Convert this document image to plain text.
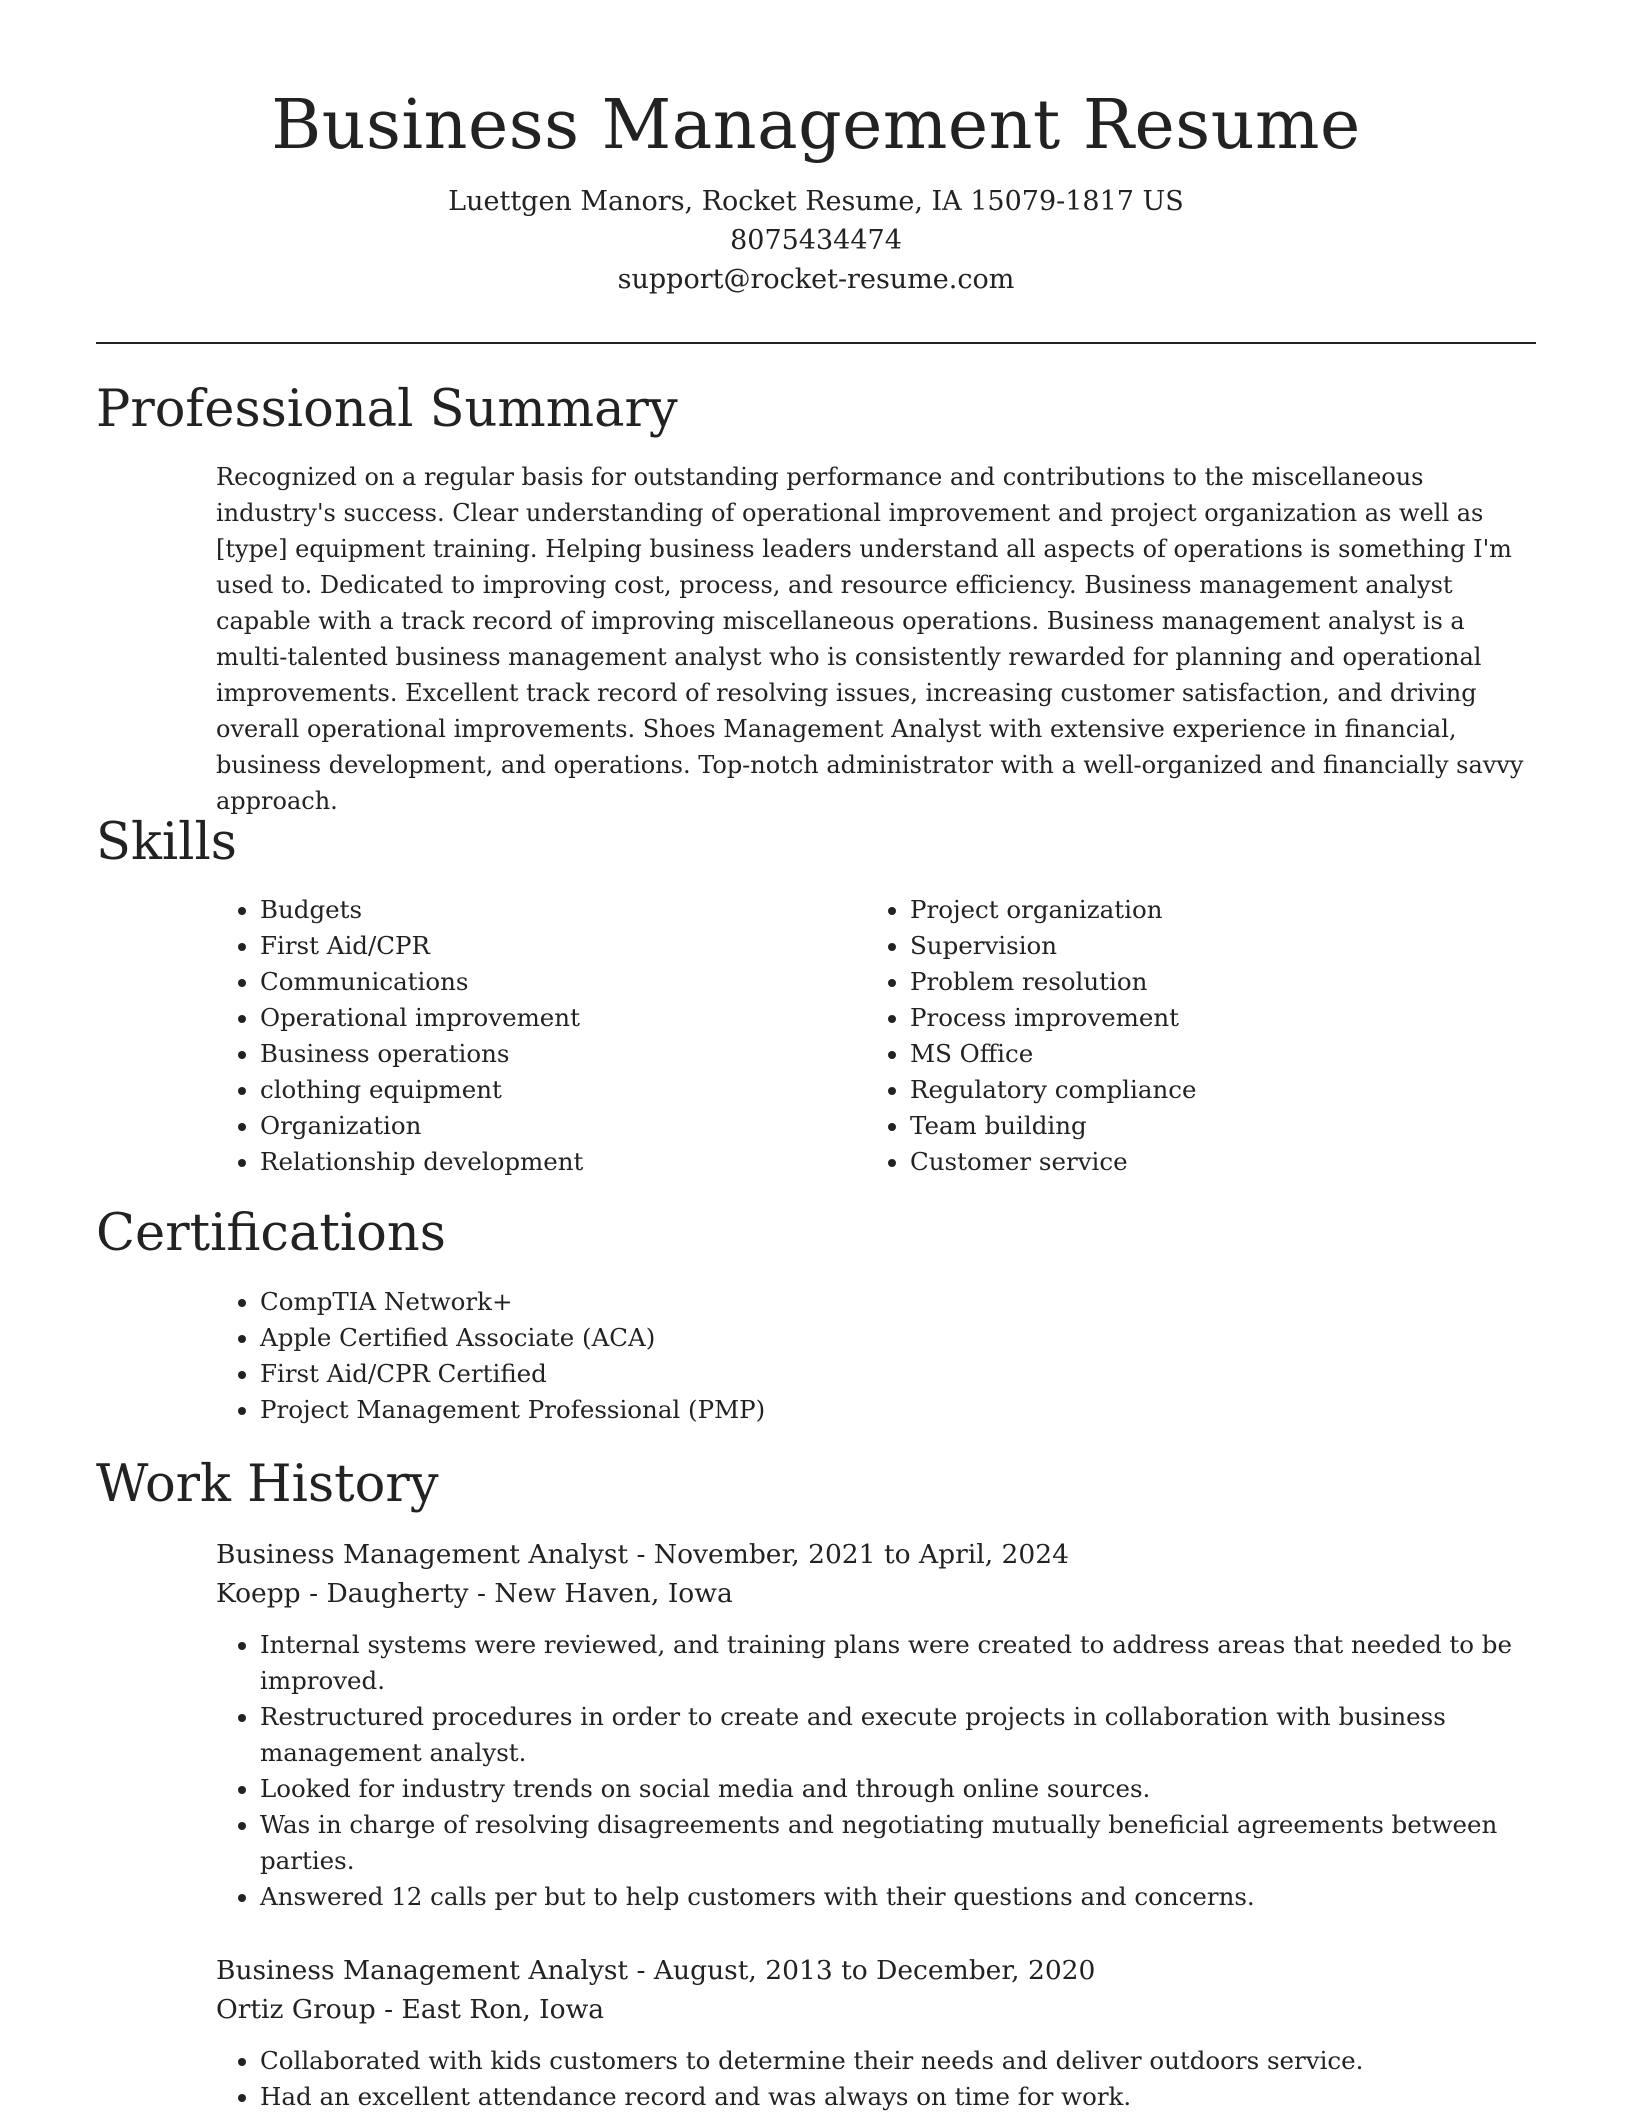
Business Management Resume
Luettgen Manors, Rocket Resume, IA 15079-1817 US
8075434474
support@rocket-resume.com
Professional Summary
Recognized on a regular basis for outstanding performance and contributions to the miscellaneous industry's success. Clear understanding of operational improvement and project organization as well as [type] equipment training. Helping business leaders understand all aspects of operations is something I'm used to. Dedicated to improving cost, process, and resource efficiency. Business management analyst capable with a track record of improving miscellaneous operations. Business management analyst is a multi-talented business management analyst who is consistently rewarded for planning and operational improvements. Excellent track record of resolving issues, increasing customer satisfaction, and driving overall operational improvements. Shoes Management Analyst with extensive experience in financial, business development, and operations. Top-notch administrator with a well-organized and financially savvy approach.
Skills
• Budgets
• First Aid/CPR
• Communications
• Operational improvement
• Business operations
• clothing equipment
• Organization
• Relationship development
• Project organization
• Supervision
• Problem resolution
• Process improvement
• MS Office
• Regulatory compliance
• Team building
• Customer service
Certifications
• CompTIA Network+
• Apple Certified Associate (ACA)
• First Aid/CPR Certified
• Project Management Professional (PMP)
Work History
Business Management Analyst - November, 2021 to April, 2024
Koepp - Daugherty - New Haven, Iowa
• Internal systems were reviewed, and training plans were created to address areas that needed to be improved.
• Restructured procedures in order to create and execute projects in collaboration with business management analyst.
• Looked for industry trends on social media and through online sources.
• Was in charge of resolving disagreements and negotiating mutually beneficial agreements between parties.
• Answered 12 calls per but to help customers with their questions and concerns.
Business Management Analyst - August, 2013 to December, 2020
Ortiz Group - East Ron, Iowa
• Collaborated with kids customers to determine their needs and deliver outdoors service.
• Had an excellent attendance record and was always on time for work.
